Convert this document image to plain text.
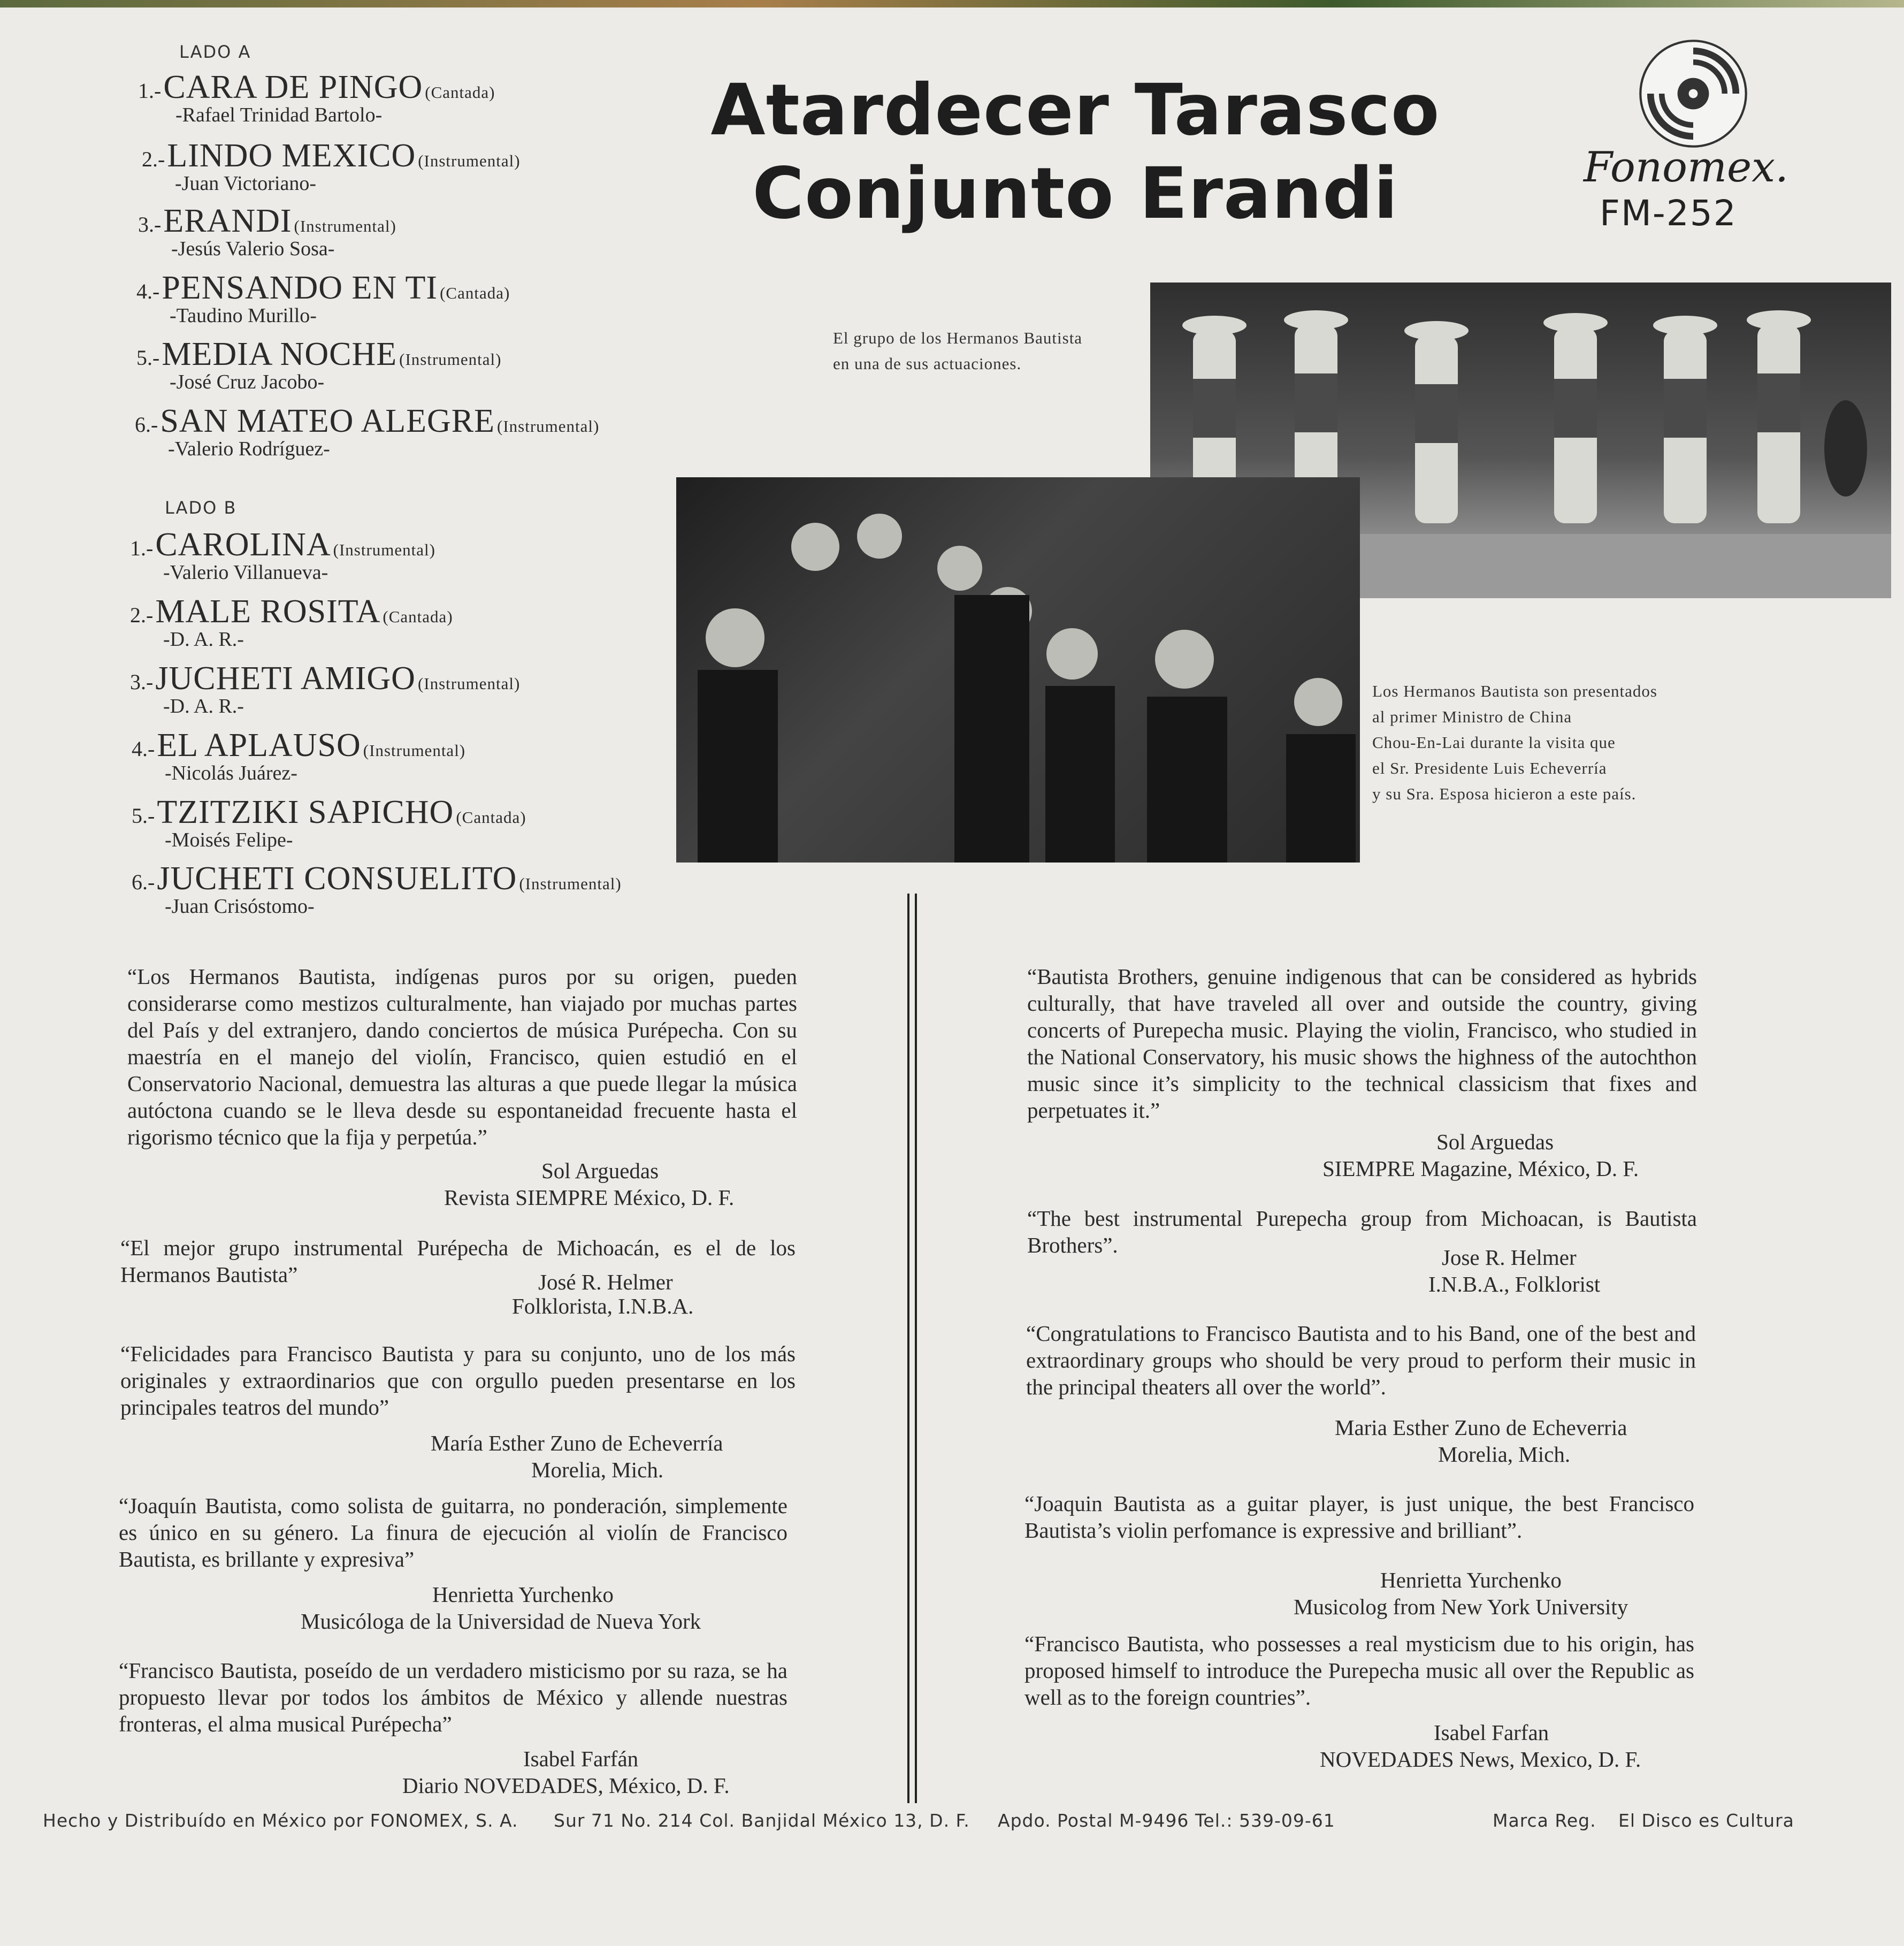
LADO A
1.- CARA DE PINGO (Cantada)
-Rafael Trinidad Bartolo-
2.- LINDO MEXICO (Instrumental)
-Juan Victoriano-
3.- ERANDI (Instrumental)
-Jesús Valerio Sosa-
4.- PENSANDO EN TI (Cantada)
-Taudino Murillo-
5.- MEDIA NOCHE (Instrumental)
-José Cruz Jacobo-
6.- SAN MATEO ALEGRE (Instrumental)
-Valerio Rodríguez-
LADO B
1.- CAROLINA (Instrumental)
-Valerio Villanueva-
2.- MALE ROSITA (Cantada)
-D. A. R.-
3.- JUCHETI AMIGO (Instrumental)
-D. A. R.-
4.- EL APLAUSO (Instrumental)
-Nicolás Juárez-
5.- TZITZIKI SAPICHO (Cantada)
-Moisés Felipe-
6.- JUCHETI CONSUELITO (Instrumental)
-Juan Crisóstomo-
Atardecer Tarasco
Conjunto Erandi	Fonomex.
FM-252
El grupo de los Hermanos Bautista
en una de sus actuaciones.
Los Hermanos Bautista son presentados
al primer Ministro de China
Chou-En-Lai durante la visita que
el Sr. Presidente Luis Echeverría
y su Sra. Esposa hicieron a este país.
“Los Hermanos Bautista, indígenas puros por su origen, pueden considerarse como mestizos culturalmente, han viajado por muchas partes del País y del extranjero, dando conciertos de música Purépecha. Con su maestría en el manejo del violín, Francisco, quien estudió en el Conservatorio Nacional, demuestra las alturas a que puede llegar la música autóctona cuando se le lleva desde su espontaneidad frecuente hasta el rigorismo técnico que la fija y perpetúa.”
Sol Arguedas
Revista SIEMPRE México, D. F.
“El mejor grupo instrumental Purépecha de Michoacán, es el de los Hermanos Bautista”	José R. Helmer
Folklorista, I.N.B.A.
“Felicidades para Francisco Bautista y para su conjunto, uno de los más originales y extraordinarios que con orgullo pueden presentarse en los principales teatros del mundo”
María Esther Zuno de Echeverría
Morelia, Mich.
“Joaquín Bautista, como solista de guitarra, no ponderación, simplemente es único en su género. La finura de ejecución al violín de Francisco Bautista, es brillante y expresiva”
Henrietta Yurchenko
Musicóloga de la Universidad de Nueva York
“Francisco Bautista, poseído de un verdadero misticismo por su raza, se ha propuesto llevar por todos los ámbitos de México y allende nuestras fronteras, el alma musical Purépecha”
Isabel Farfán
Diario NOVEDADES, México, D. F.
“Bautista Brothers, genuine indigenous that can be considered as hybrids culturally, that have traveled all over and outside the country, giving concerts of Purepecha music. Playing the violin, Francisco, who studied in the National Conservatory, his music shows the highness of the autochthon music since it’s simplicity to the technical classicism that fixes and perpetuates it.”
Sol Arguedas
SIEMPRE Magazine, México, D. F.
“The best instrumental Purepecha group from Michoacan, is Bautista Brothers”.	Jose R. Helmer
I.N.B.A., Folklorist
“Congratulations to Francisco Bautista and to his Band, one of the best and extraordinary groups who should be very proud to perform their music in the principal theaters all over the world”.
Maria Esther Zuno de Echeverria
Morelia, Mich.
“Joaquin Bautista as a guitar player, is just unique, the best Francisco Bautista’s violin perfomance is expressive and brilliant”.
Henrietta Yurchenko
Musicolog from New York University
“Francisco Bautista, who possesses a real mysticism due to his origin, has proposed himself to introduce the Purepecha music all over the Republic as well as to the foreign countries”.
Isabel Farfan
NOVEDADES News, Mexico, D. F.
Hecho y Distribuído en México por FONOMEX, S. A. Sur 71 No. 214 Col. Banjidal México 13, D. F. Apdo. Postal M-9496 Tel.: 539-09-61	Marca Reg. El Disco es Cultura
